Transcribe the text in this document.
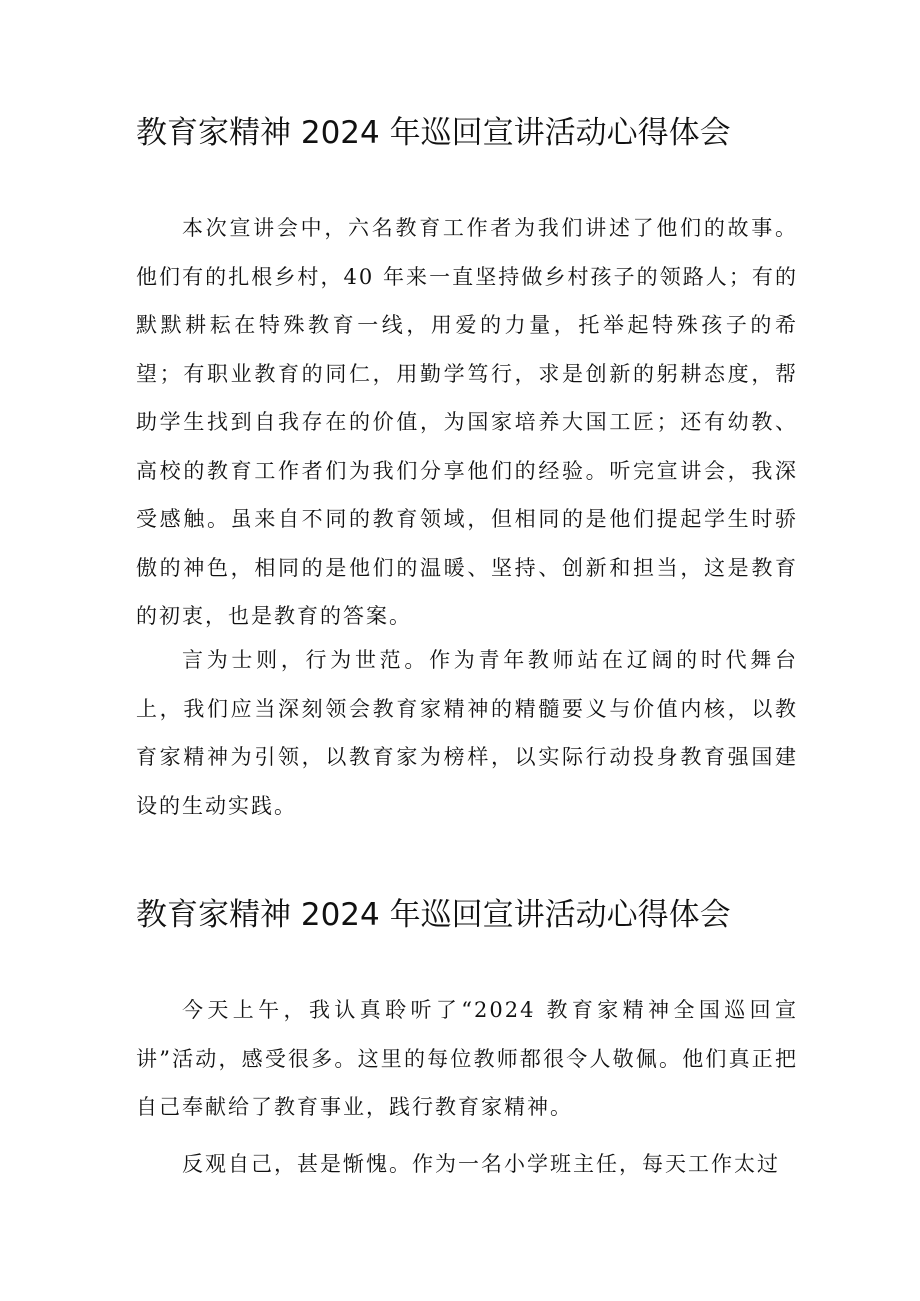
教育家精神 2024 年巡回宣讲活动心得体会

本次宣讲会中，六名教育工作者为我们讲述了他们的故事。他们有的扎根乡村，40 年来一直坚持做乡村孩子的领路人；有的默默耕耘在特殊教育一线，用爱的力量，托举起特殊孩子的希望；有职业教育的同仁，用勤学笃行，求是创新的躬耕态度，帮助学生找到自我存在的价值，为国家培养大国工匠；还有幼教、高校的教育工作者们为我们分享他们的经验。听完宣讲会，我深受感触。虽来自不同的教育领域，但相同的是他们提起学生时骄傲的神色，相同的是他们的温暖、坚持、创新和担当，这是教育的初衷，也是教育的答案。

言为士则，行为世范。作为青年教师站在辽阔的时代舞台上，我们应当深刻领会教育家精神的精髓要义与价值内核，以教育家精神为引领，以教育家为榜样，以实际行动投身教育强国建设的生动实践。

教育家精神 2024 年巡回宣讲活动心得体会

今天上午，我认真聆听了“2024 教育家精神全国巡回宣讲”活动，感受很多。这里的每位教师都很令人敬佩。他们真正把自己奉献给了教育事业，践行教育家精神。

反观自己，甚是惭愧。作为一名小学班主任，每天工作太过
